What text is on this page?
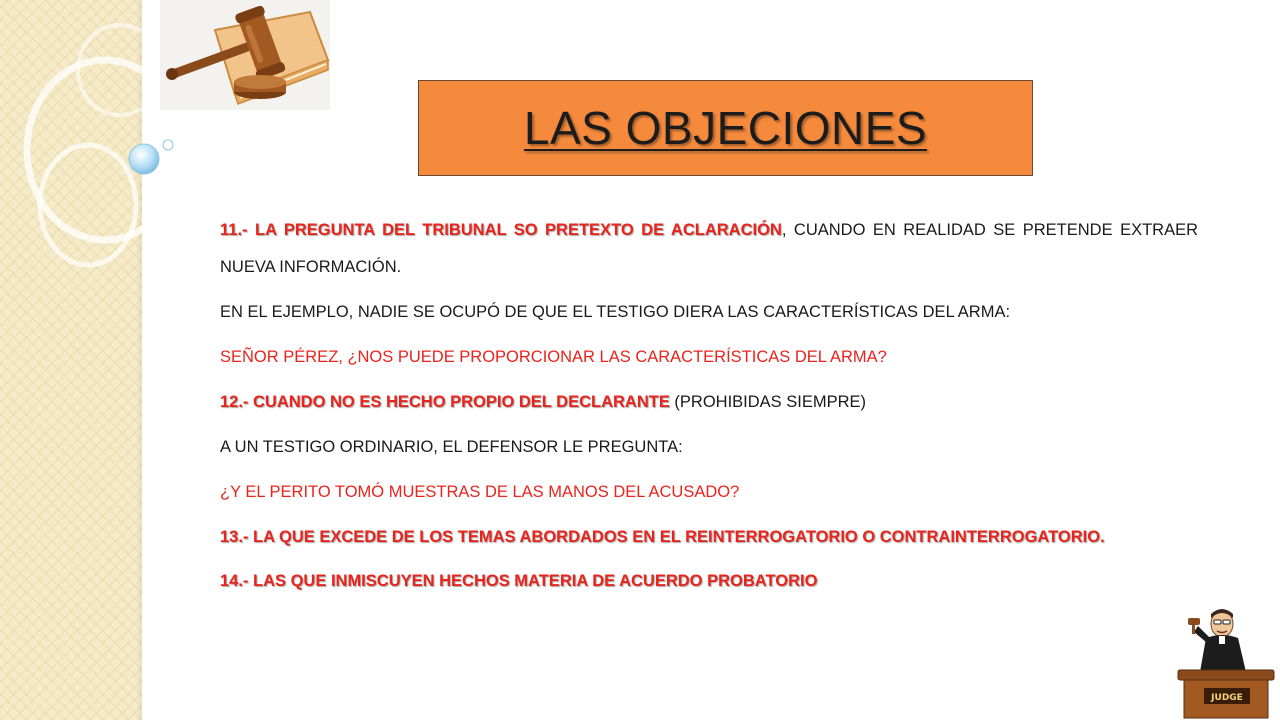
LAS OBJECIONES

11.- LA PREGUNTA DEL TRIBUNAL SO PRETEXTO DE ACLARACIÓN, CUANDO EN REALIDAD SE PRETENDE EXTRAER NUEVA INFORMACIÓN.

EN EL EJEMPLO, NADIE SE OCUPÓ DE QUE EL TESTIGO DIERA LAS CARACTERÍSTICAS DEL ARMA:

SEÑOR PÉREZ, ¿NOS PUEDE PROPORCIONAR LAS CARACTERÍSTICAS DEL ARMA?

12.- CUANDO NO ES HECHO PROPIO DEL DECLARANTE (PROHIBIDAS SIEMPRE)

A UN TESTIGO ORDINARIO, EL DEFENSOR LE PREGUNTA:

¿Y EL PERITO TOMÓ MUESTRAS DE LAS MANOS DEL ACUSADO?

13.- LA QUE EXCEDE DE LOS TEMAS ABORDADOS EN EL REINTERROGATORIO O CONTRAINTERROGATORIO.

14.- LAS QUE INMISCUYEN HECHOS MATERIA DE ACUERDO PROBATORIO

JUDGE
